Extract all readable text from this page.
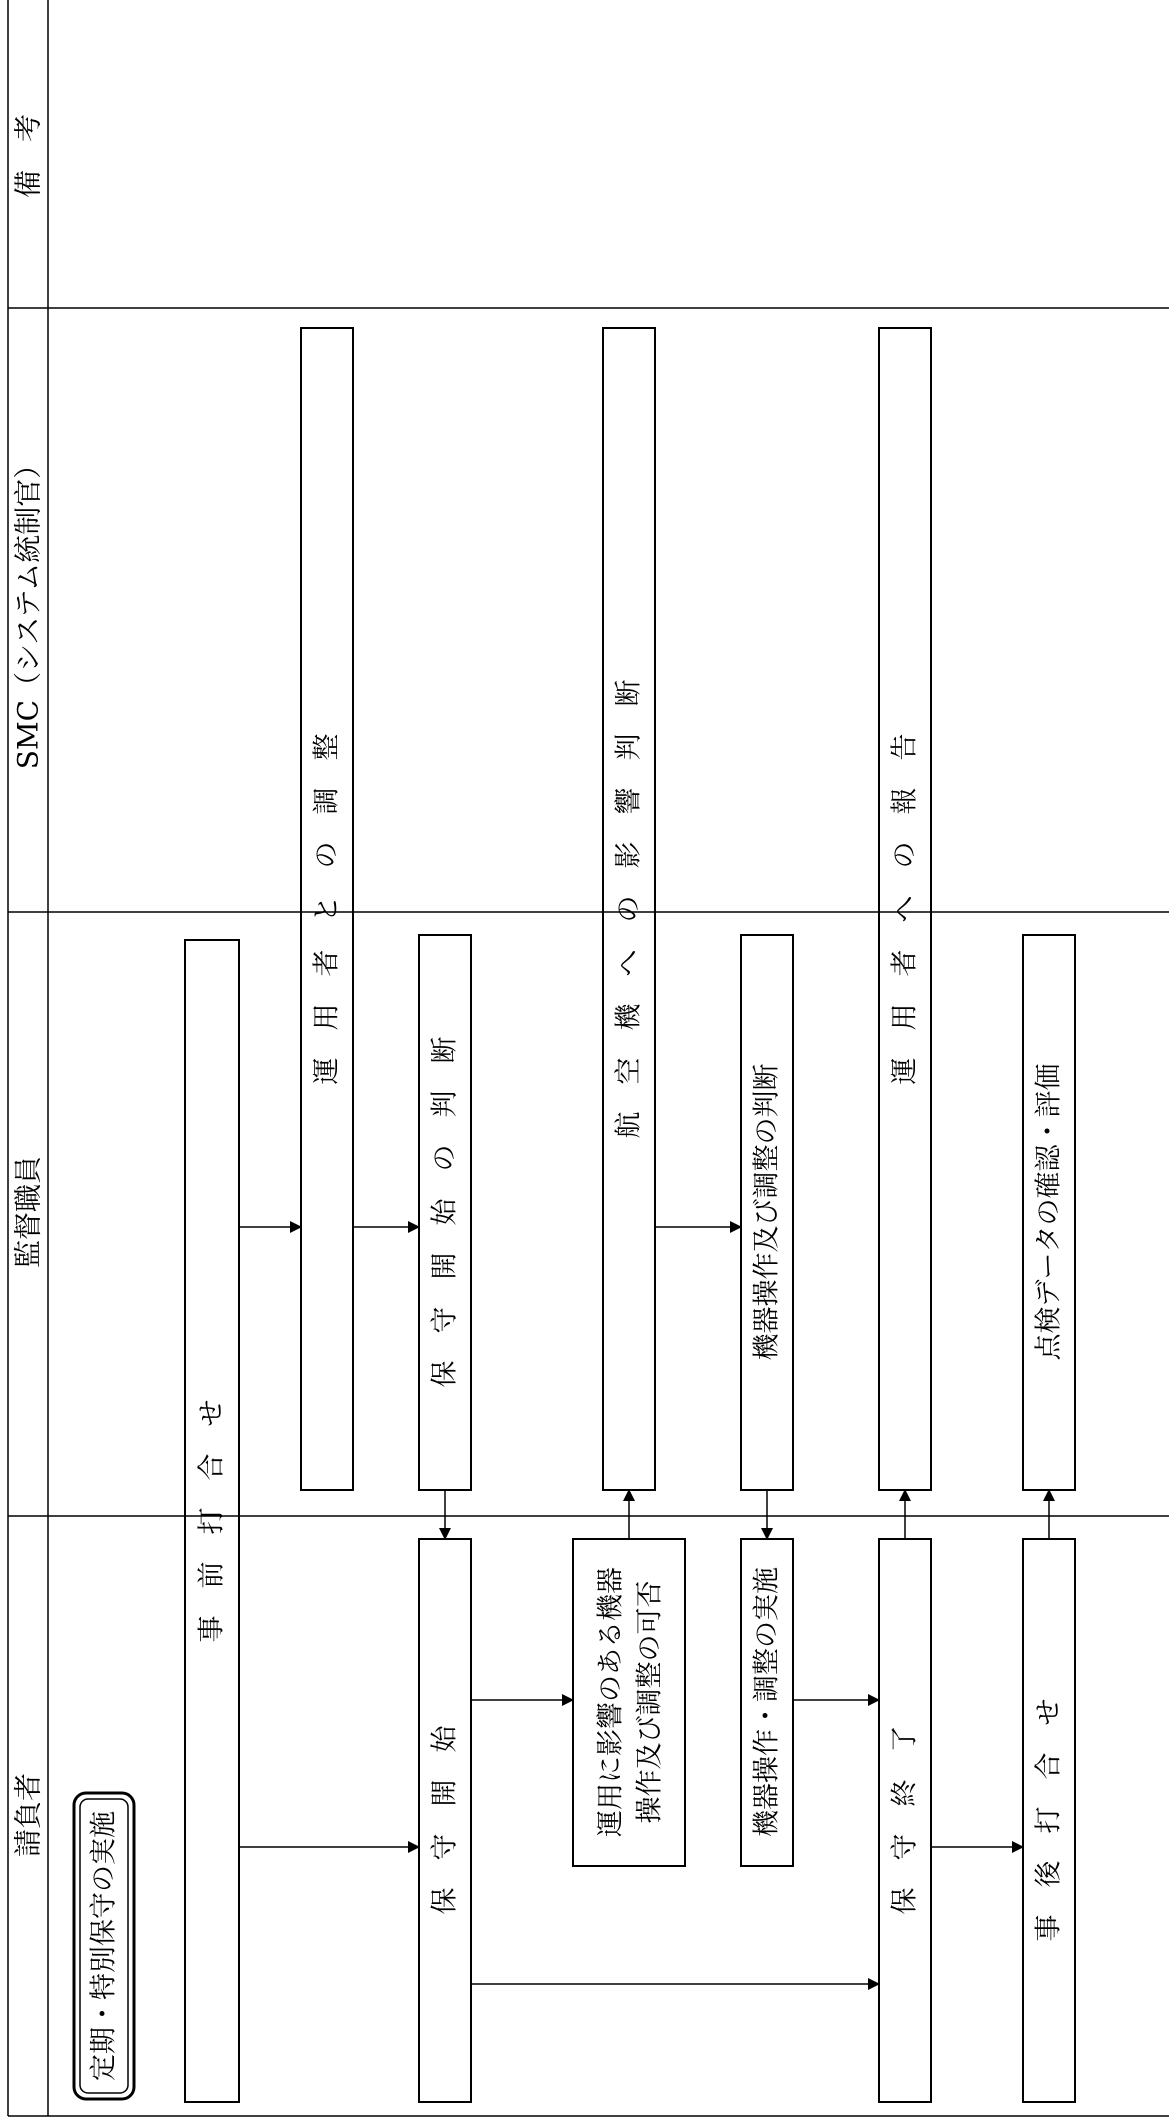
備　考
SMC（システム統制官）
監督職員
請負者 定期・特別保守の実施
事　前　打　合　せ
運　用　者　と　の　調　整
保　守　開　始　の　判　断
保　守　開　始	運用に影響のある機器 操作及び調整の可否
航　空　機　へ　の　影　響　判　断
機器操作及び調整の判断
機器操作・調整の実施	保　守　終　了
運　用　者　へ　の　報　告
事　後　打　合　せ
点検データの確認・評価
